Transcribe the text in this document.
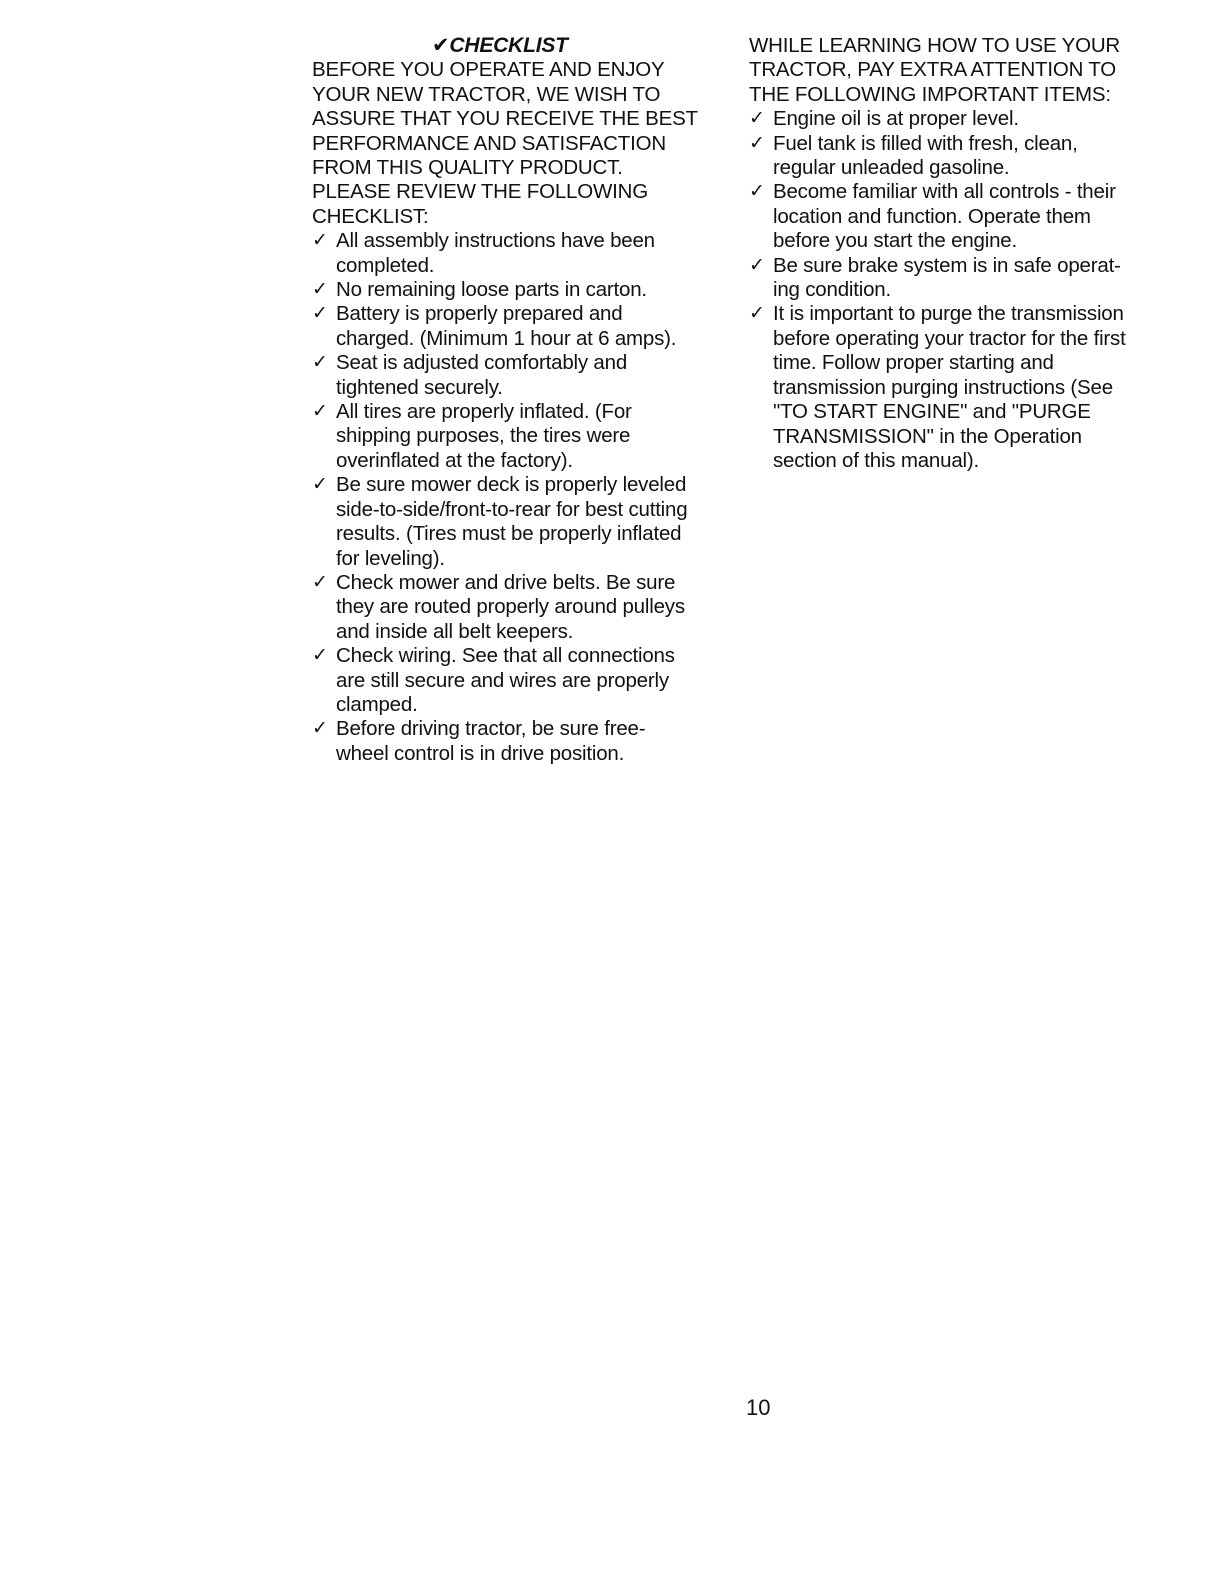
✔CHECKLIST
BEFORE YOU OPERATE AND ENJOY
YOUR NEW TRACTOR, WE WISH TO
ASSURE THAT YOU RECEIVE THE BEST
PERFORMANCE AND SATISFACTION
FROM THIS QUALITY PRODUCT.
PLEASE REVIEW THE FOLLOWING
CHECKLIST:
✓ All assembly instructions have been
completed.
✓ No remaining loose parts in carton.
✓ Battery is properly prepared and
charged. (Minimum 1 hour at 6 amps).
✓ Seat is adjusted comfortably and
tightened securely.
✓ All tires are properly inflated. (For
shipping purposes, the tires were
overinflated at the factory).
✓ Be sure mower deck is properly leveled
side-to-side/front-to-rear for best cutting
results. (Tires must be properly inflated
for leveling).
✓ Check mower and drive belts. Be sure
they are routed properly around pulleys
and inside all belt keepers.
✓ Check wiring. See that all connections
are still secure and wires are properly
clamped.
✓ Before driving tractor, be sure free-
wheel control is in drive position.
WHILE LEARNING HOW TO USE YOUR
TRACTOR, PAY EXTRA ATTENTION TO
THE FOLLOWING IMPORTANT ITEMS:
✓ Engine oil is at proper level.
✓ Fuel tank is filled with fresh, clean,
regular unleaded gasoline.
✓ Become familiar with all controls - their
location and function. Operate them
before you start the engine.
✓ Be sure brake system is in safe operat-
ing condition.
✓ It is important to purge the transmission
before operating your tractor for the first
time. Follow proper starting and
transmission purging instructions (See
"TO START ENGINE" and "PURGE
TRANSMISSION" in the Operation
section of this manual).
10
